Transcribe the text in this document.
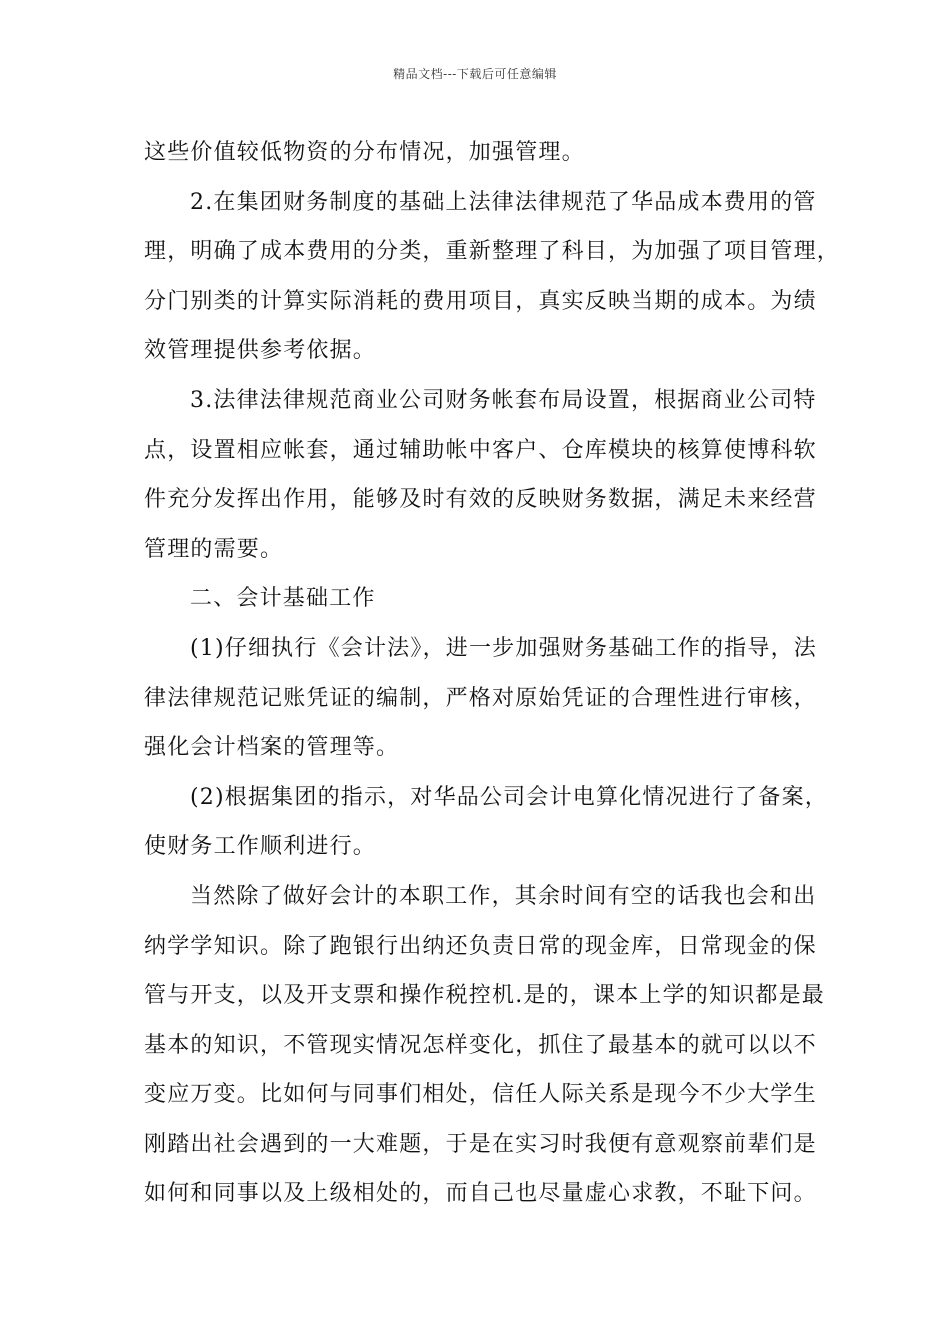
精品文档---下载后可任意编辑
这些价值较低物资的分布情况，加强管理。
2.在集团财务制度的基础上法律法律规范了华品成本费用的管
理，明确了成本费用的分类，重新整理了科目，为加强了项目管理，
分门别类的计算实际消耗的费用项目，真实反映当期的成本。为绩
效管理提供参考依据。
3.法律法律规范商业公司财务帐套布局设置，根据商业公司特
点，设置相应帐套，通过辅助帐中客户、仓库模块的核算使博科软
件充分发挥出作用，能够及时有效的反映财务数据，满足未来经营
管理的需要。
二、会计基础工作
(1)仔细执行《会计法》，进一步加强财务基础工作的指导，法
律法律规范记账凭证的编制，严格对原始凭证的合理性进行审核，
强化会计档案的管理等。
(2)根据集团的指示，对华品公司会计电算化情况进行了备案，
使财务工作顺利进行。
当然除了做好会计的本职工作，其余时间有空的话我也会和出
纳学学知识。除了跑银行出纳还负责日常的现金库，日常现金的保
管与开支，以及开支票和操作税控机.是的，课本上学的知识都是最
基本的知识，不管现实情况怎样变化，抓住了最基本的就可以以不
变应万变。比如何与同事们相处，信任人际关系是现今不少大学生
刚踏出社会遇到的一大难题，于是在实习时我便有意观察前辈们是
如何和同事以及上级相处的，而自己也尽量虚心求教，不耻下问。
